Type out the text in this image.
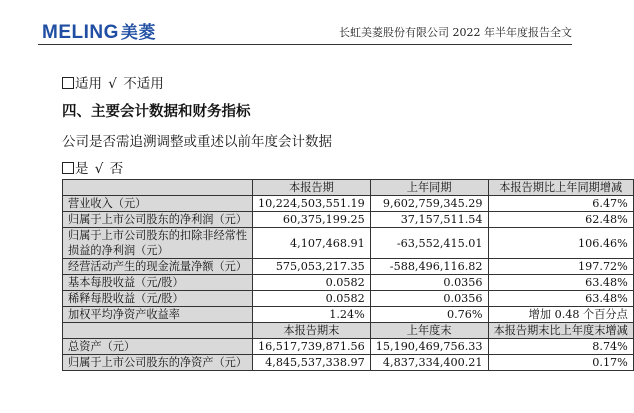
MELING 美菱	长虹美菱股份有限公司 2022 年半年度报告全文
适用 √ 不适用
四、主要会计数据和财务指标
公司是否需追溯调整或重述以前年度会计数据
是 √ 否
	本报告期	上年同期	本报告期比上年同期增减
营业收入（元）	10,224,503,551.19	9,602,759,345.29	6.47%
归属于上市公司股东的净利润（元）	60,375,199.25	37,157,511.54	62.48%
归属于上市公司股东的扣除非经常性损益的净利润（元）	4,107,468.91	-63,552,415.01	106.46%
经营活动产生的现金流量净额（元）	575,053,217.35	-588,496,116.82	197.72%
基本每股收益（元/股）	0.0582	0.0356	63.48%
稀释每股收益（元/股）	0.0582	0.0356	63.48%
加权平均净资产收益率	1.24%	0.76%	增加 0.48 个百分点
	本报告期末	上年度末	本报告期末比上年度末增减
总资产（元）	16,517,739,871.56	15,190,469,756.33	8.74%
归属于上市公司股东的净资产（元）	4,845,537,338.97	4,837,334,400.21	0.17%
